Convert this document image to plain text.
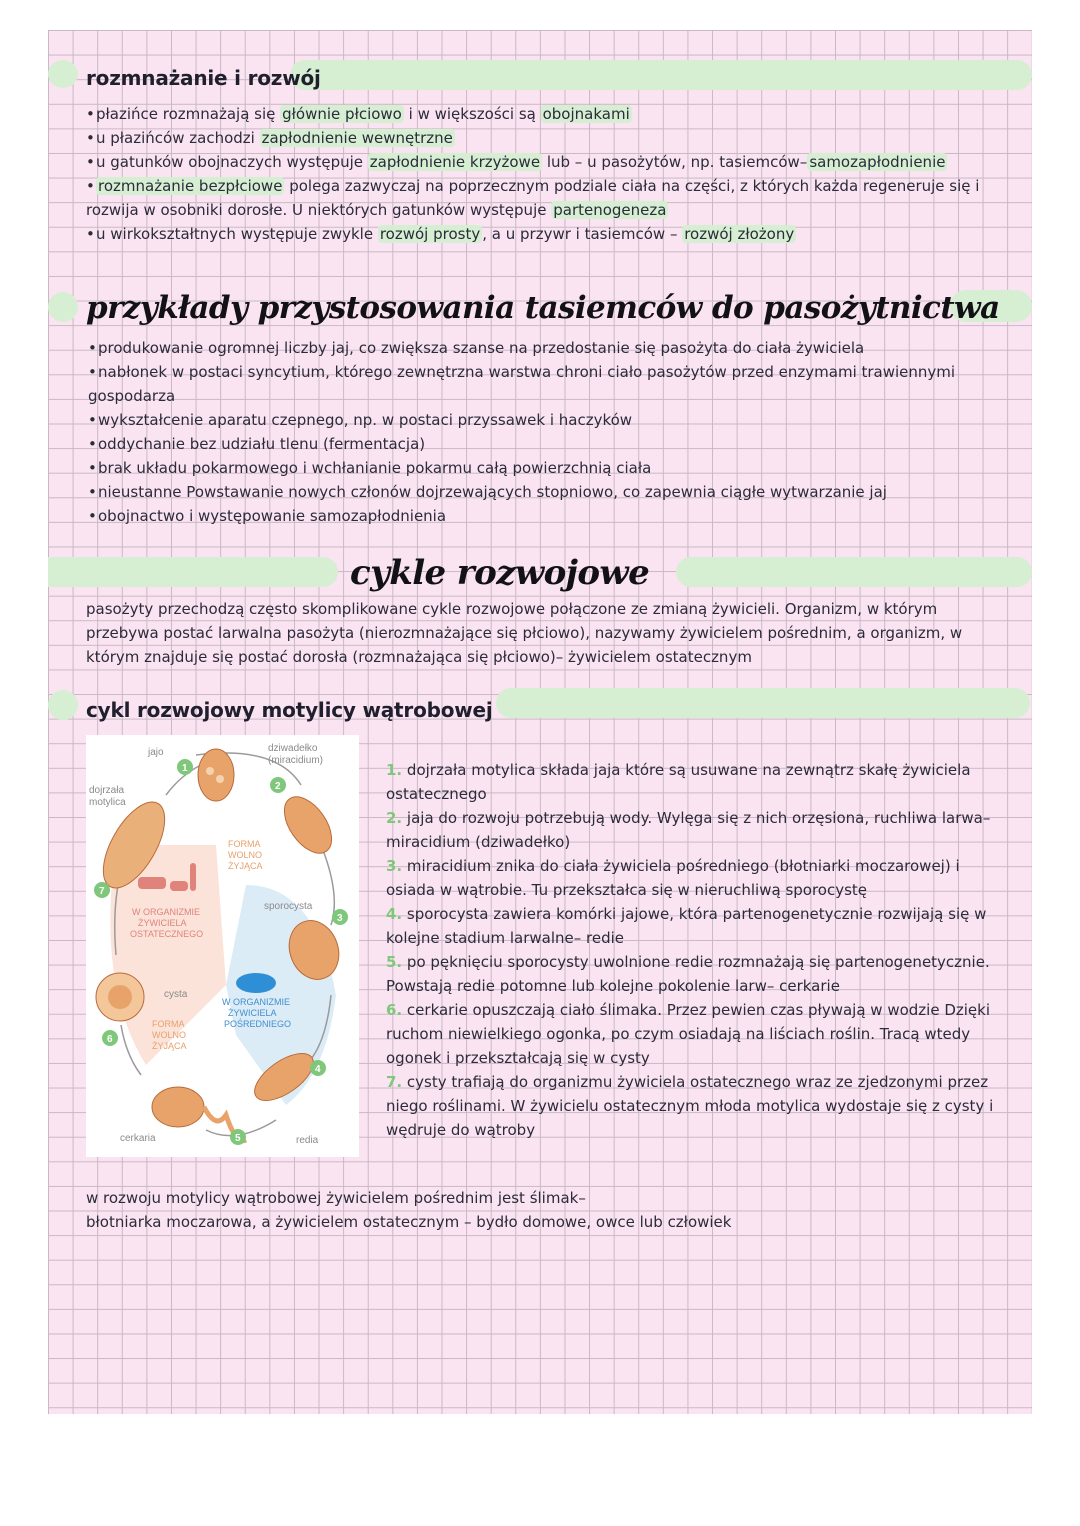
rozmnażanie i rozwój
•płazińce rozmnażają się głównie płciowo i w większości są obojnakami
•u płazińców zachodzi zapłodnienie wewnętrzne
•u gatunków obojnaczych występuje zapłodnienie krzyżowe lub – u pasożytów, np. tasiemców– samozapłodnienie
• rozmnażanie bezpłciowe polega zazwyczaj na poprzecznym podziale ciała na części, z których każda regeneruje się i rozwija w osobniki dorosłe. U niektórych gatunków występuje partenogeneza
•u wirkokształtnych występuje zwykle rozwój prosty , a u przywr i tasiemców – rozwój złożony
przykłady przystosowania tasiemców do pasożytnictwa
•produkowanie ogromnej liczby jaj, co zwiększa szanse na przedostanie się pasożyta do ciała żywiciela
•nabłonek w postaci syncytium, którego zewnętrzna warstwa chroni ciało pasożytów przed enzymami trawiennymi gospodarza
•wykształcenie aparatu czepnego, np. w postaci przyssawek i haczyków
•oddychanie bez udziału tlenu (fermentacja)
•brak układu pokarmowego i wchłanianie pokarmu całą powierzchnią ciała
•nieustanne Powstawanie nowych członów dojrzewających stopniowo, co zapewnia ciągłe wytwarzanie jaj
•obojnactwo i występowanie samozapłodnienia
cykle rozwojowe
pasożyty przechodzą często skomplikowane cykle rozwojowe połączone ze zmianą żywicieli. Organizm, w którym przebywa postać larwalna pasożyta (nierozmnażające się płciowo), nazywamy żywicielem pośrednim, a organizm, w którym znajduje się postać dorosła (rozmnażająca się płciowo)– żywicielem ostatecznym
cykl rozwojowy motylicy wątrobowej
jajo	dziwadełko
(miracidium)
dojrzała
motylica
sporocysta
cysta
cerkaria	redia
FORMA
WOLNO
ŻYJĄCA
W ORGANIZMIE
ŻYWICIELA
OSTATECZNEGO
W ORGANIZMIE
ŻYWICIELA
POŚREDNIEGO
FORMA
WOLNO
ŻYJĄCA
1
2
3
4
5
6
7

1. dojrzała motylica składa jaja które są usuwane na zewnątrz skałę żywiciela ostatecznego

2. jaja do rozwoju potrzebują wody. Wylęga się z nich orzęsiona, ruchliwa larwa– miracidium (dziwadełko)

3. miracidium znika do ciała żywiciela pośredniego (błotniarki moczarowej) i osiada w wątrobie. Tu przekształca się w nieruchliwą sporocystę

4. sporocysta zawiera komórki jajowe, która partenogenetycznie rozwijają się w kolejne stadium larwalne– redie

5. po pęknięciu sporocysty uwolnione redie rozmnażają się partenogenetycznie. Powstają redie potomne lub kolejne pokolenie larw– cerkarie

6. cerkarie opuszczają ciało ślimaka. Przez pewien czas pływają w wodzie Dzięki ruchom niewielkiego ogonka, po czym osiadają na liściach roślin. Tracą wtedy ogonek i przekształcają się w cysty

7. cysty trafiają do organizmu żywiciela ostatecznego wraz ze zjedzonymi przez niego roślinami. W żywicielu ostatecznym młoda motylica wydostaje się z cysty i wędruje do wątroby

w rozwoju motylicy wątrobowej żywicielem pośrednim jest ślimak–

błotniarka moczarowa, a żywicielem ostatecznym – bydło domowe, owce lub człowiek
